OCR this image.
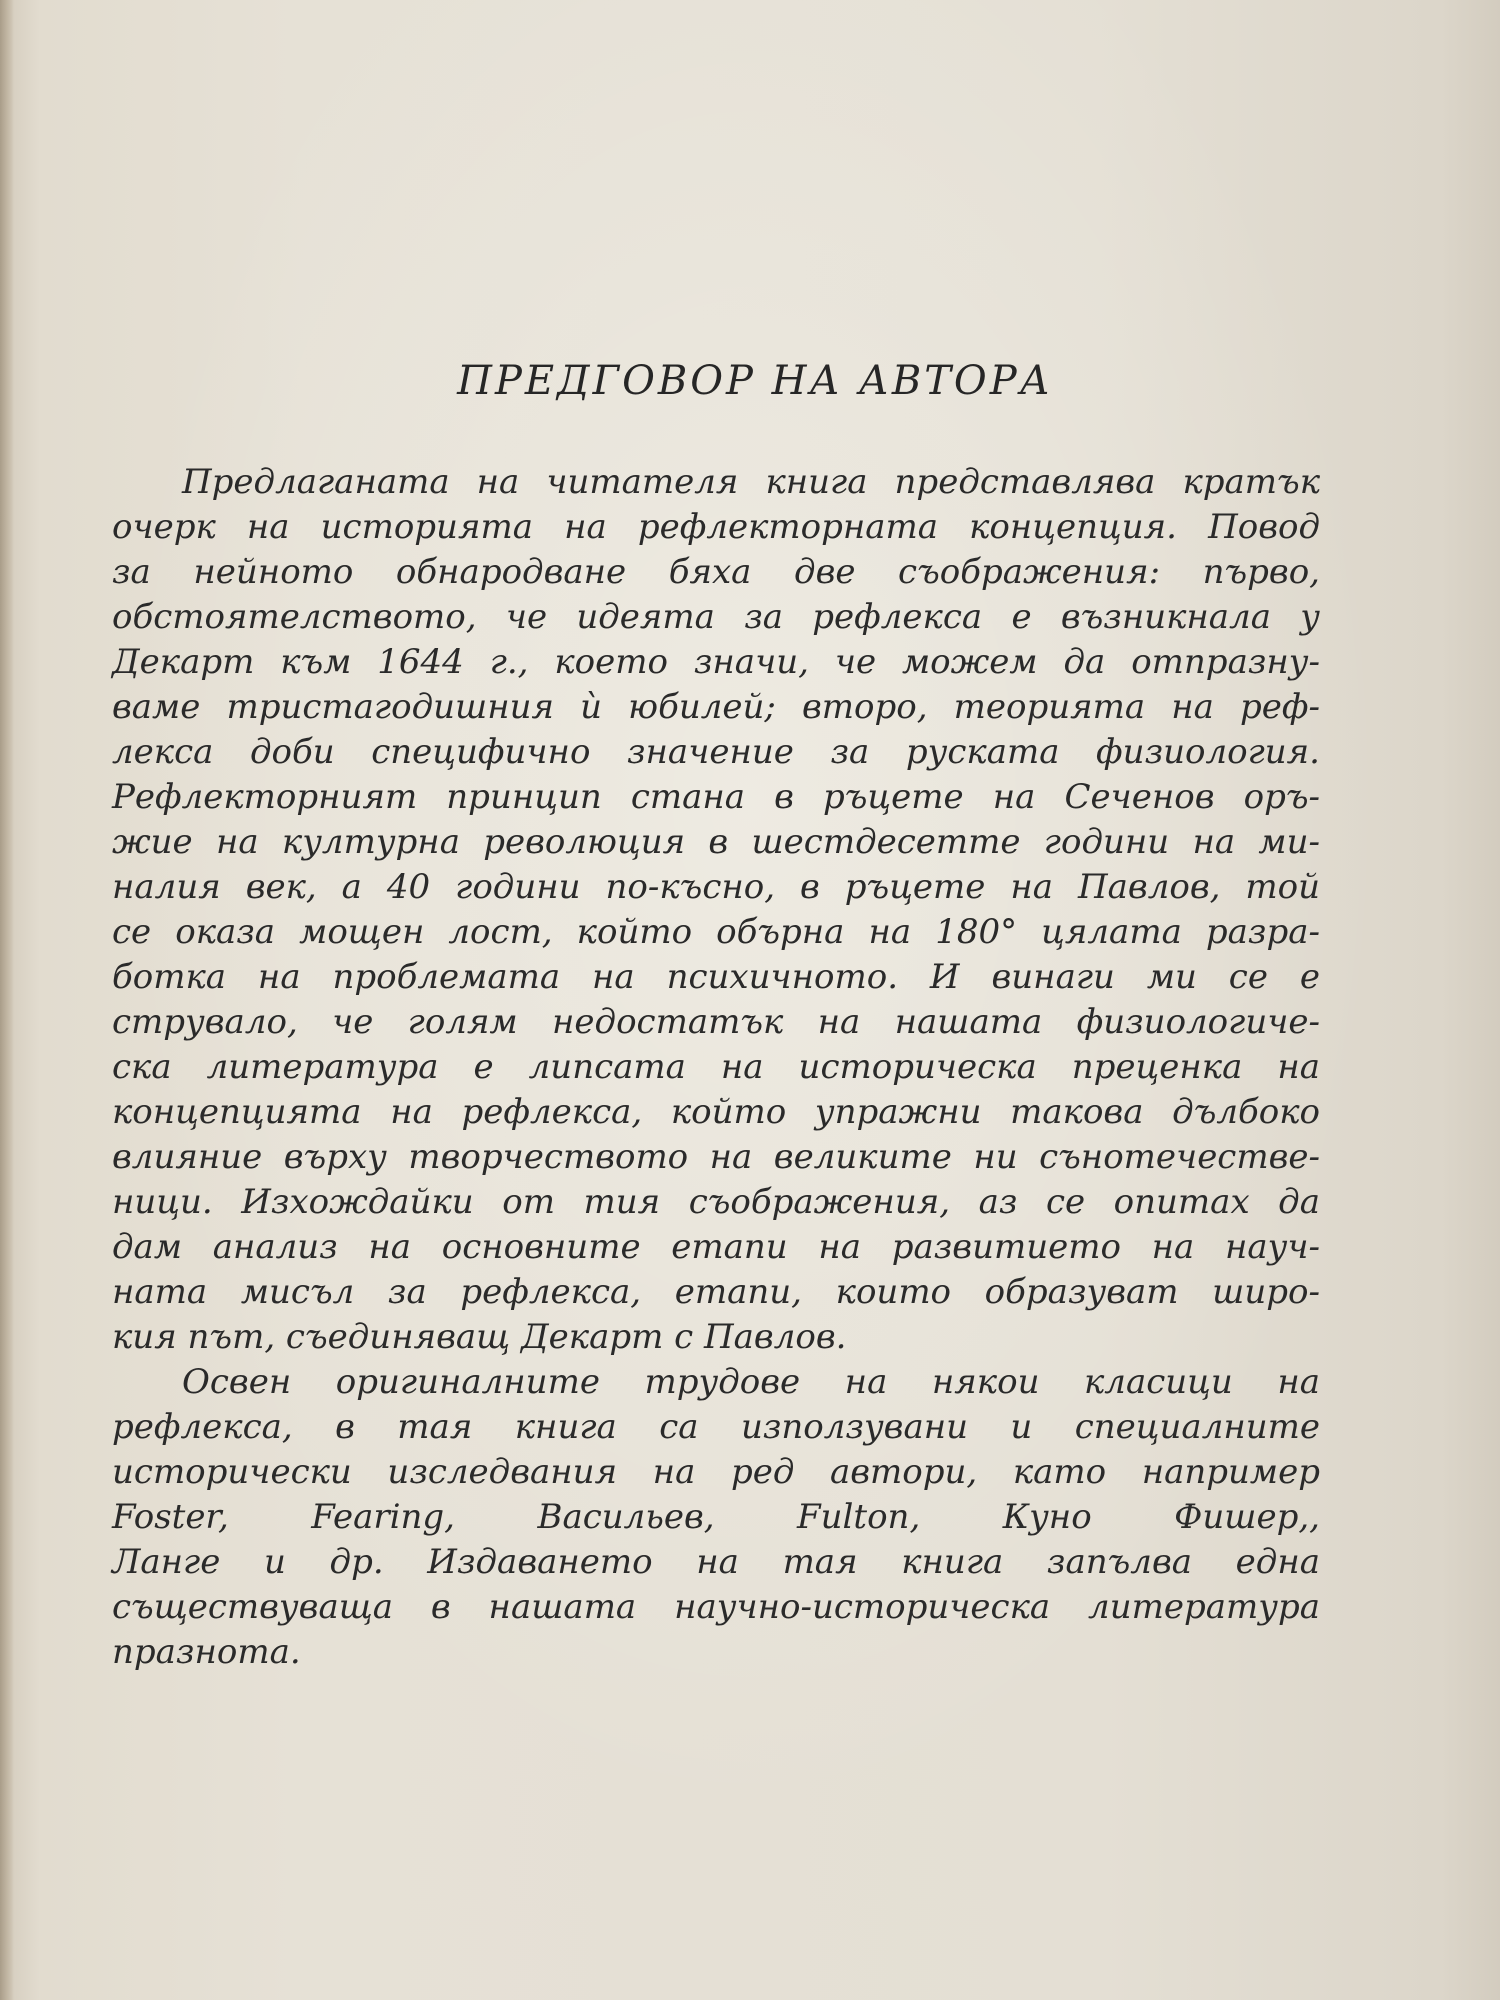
ПРЕДГОВОР НА АВТОРА
Предлаганата на читателя книга представлява кратък
очерк на историята на рефлекторната концепция. Повод
за нейното обнародване бяха две съображения: първо,
обстоятелството, че идеята за рефлекса е възникнала у
Декарт към 1644 г., което значи, че можем да отпразну-
ваме тристагодишния ѝ юбилей; второ, теорията на реф-
лекса доби специфично значение за руската физиология.
Рефлекторният принцип стана в ръцете на Сеченов оръ-
жие на културна революция в шестдесетте години на ми-
налия век, а 40 години по-късно, в ръцете на Павлов, той
се оказа мощен лост, който обърна на 180° цялата разра-
ботка на проблемата на психичното. И винаги ми се е
струвало, че голям недостатък на нашата физиологиче-
ска литература е липсата на историческа преценка на
концепцията на рефлекса, който упражни такова дълбоко
влияние върху творчеството на великите ни сънотечестве-
ници. Изхождайки от тия съображения, аз се опитах да
дам анализ на основните етапи на развитието на науч-
ната мисъл за рефлекса, етапи, които образуват широ-
кия път, съединяващ Декарт с Павлов.
Освен оригиналните трудове на някои класици на
рефлекса, в тая книга са използувани и специалните
исторически изследвания на ред автори, като например
Foster, Fearing, Васильев, Fulton, Куно Фишер,,
Ланге и др. Издаването на тая книга запълва една
съществуваща в нашата научно-историческа литература
празнота.
